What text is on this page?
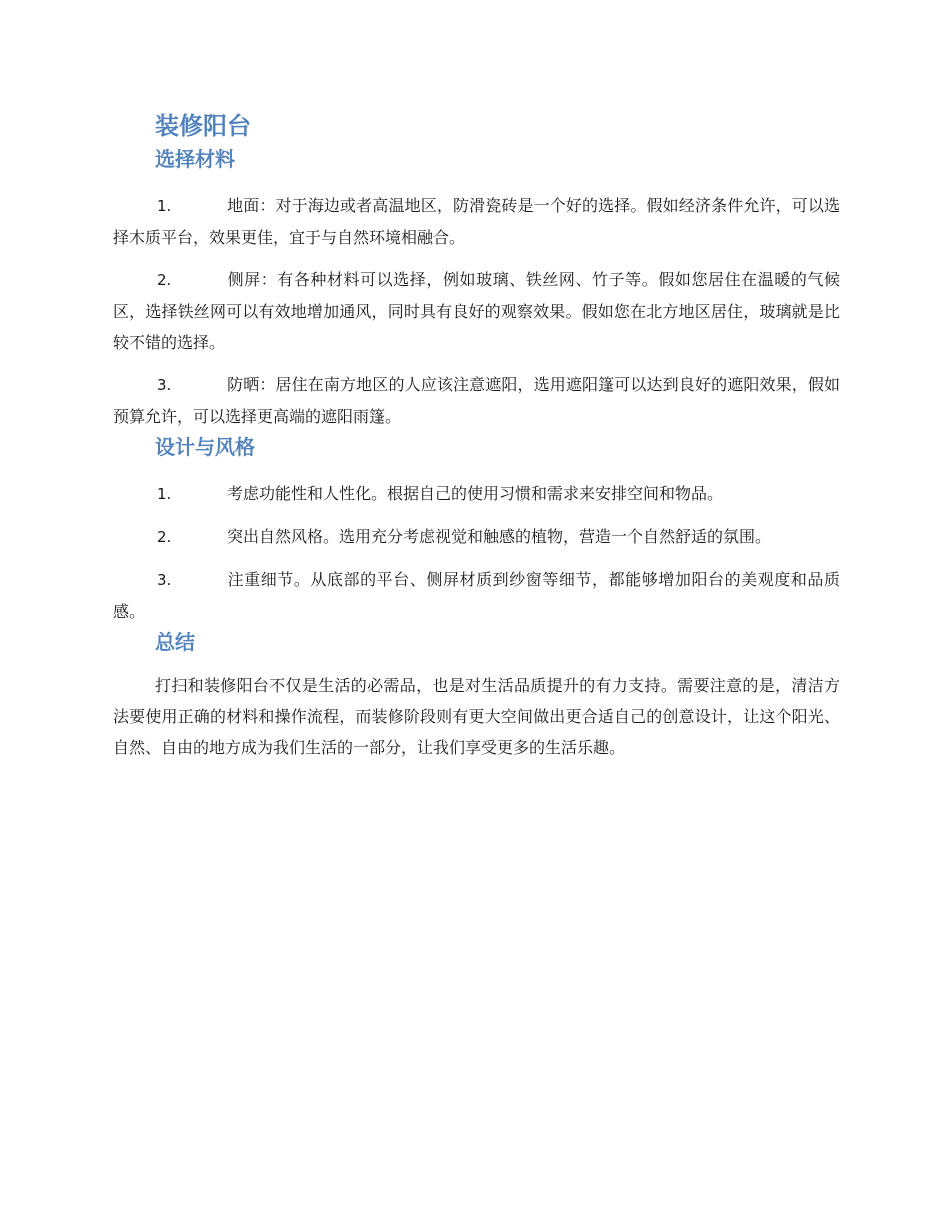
装修阳台
选择材料
1.	地面：对于海边或者高温地区，防滑瓷砖是一个好的选择。假如经济条件允许，可以选择木质平台，效果更佳，宜于与自然环境相融合。
2.	侧屏：有各种材料可以选择，例如玻璃、铁丝网、竹子等。假如您居住在温暖的气候区，选择铁丝网可以有效地增加通风，同时具有良好的观察效果。假如您在北方地区居住，玻璃就是比较不错的选择。
3.	防晒：居住在南方地区的人应该注意遮阳，选用遮阳篷可以达到良好的遮阳效果，假如预算允许，可以选择更高端的遮阳雨篷。
设计与风格
1.	考虑功能性和人性化。根据自己的使用习惯和需求来安排空间和物品。
2.	突出自然风格。选用充分考虑视觉和触感的植物，营造一个自然舒适的氛围。
3.	注重细节。从底部的平台、侧屏材质到纱窗等细节，都能够增加阳台的美观度和品质感。
总结

打扫和装修阳台不仅是生活的必需品，也是对生活品质提升的有力支持。需要注意的是，清洁方法要使用正确的材料和操作流程，而装修阶段则有更大空间做出更合适自己的创意设计，让这个阳光、自然、自由的地方成为我们生活的一部分，让我们享受更多的生活乐趣。
